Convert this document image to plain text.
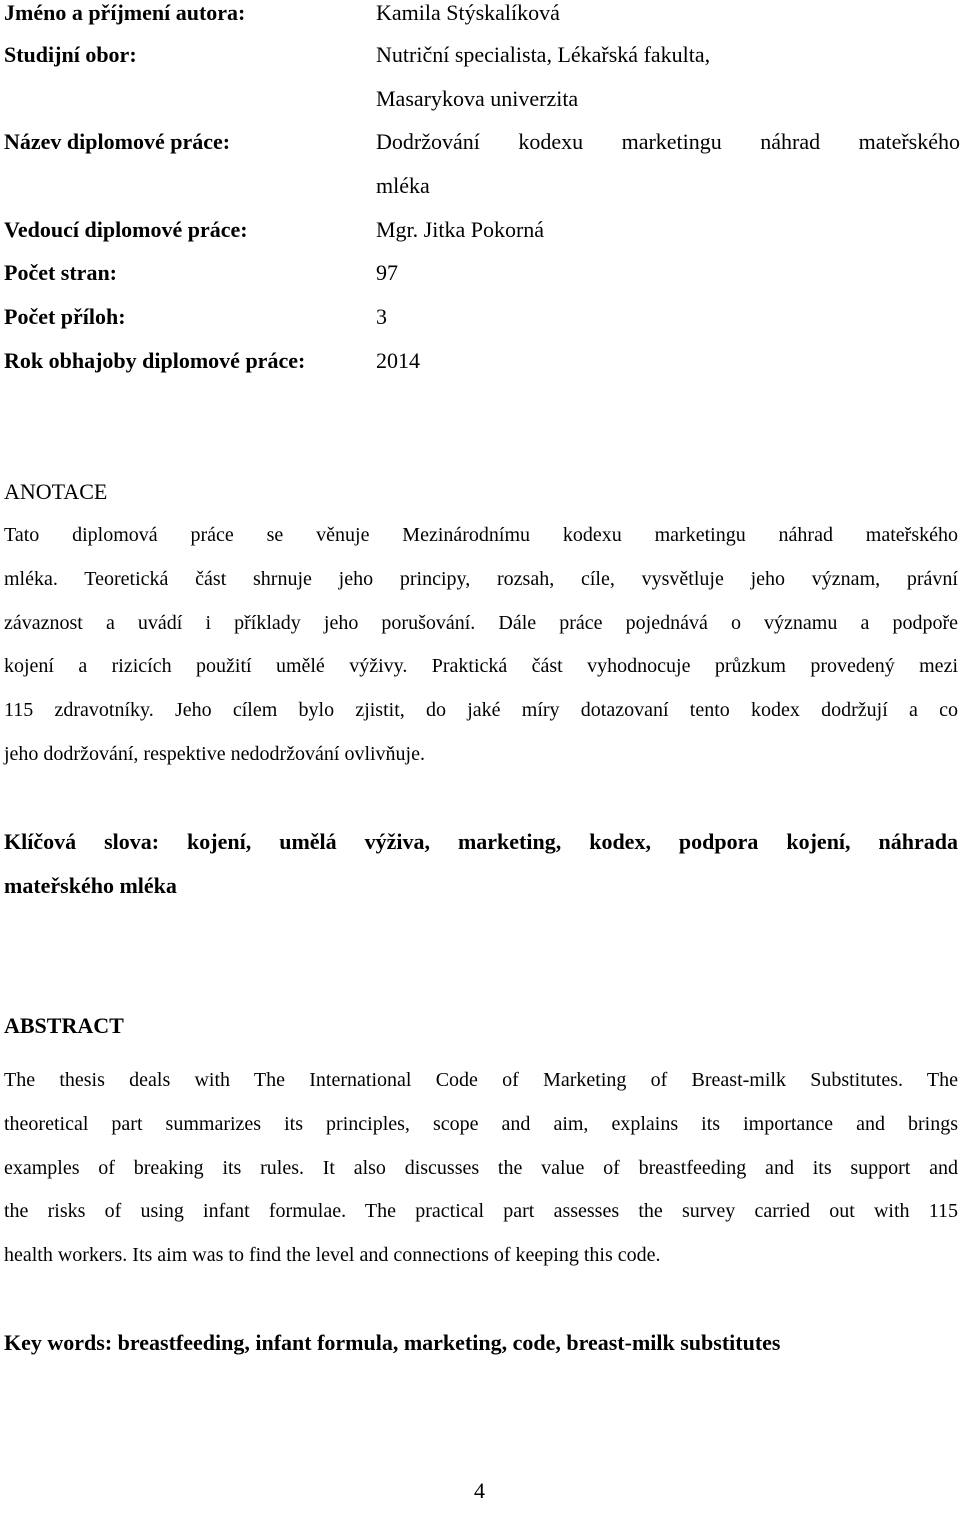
Jméno a příjmení autora:	Kamila Stýskalíková
Studijní obor:	Nutriční specialista, Lékařská fakulta,
Masarykova univerzita
Název diplomové práce:	Dodržování kodexu marketingu náhrad mateřského
mléka
Vedoucí diplomové práce:	Mgr. Jitka Pokorná
Počet stran:	97
Počet příloh:	3
Rok obhajoby diplomové práce:	2014
ANOTACE
Tato diplomová práce se věnuje Mezinárodnímu kodexu marketingu náhrad mateřského
mléka. Teoretická část shrnuje jeho principy, rozsah, cíle, vysvětluje jeho význam, právní
závaznost a uvádí i příklady jeho porušování. Dále práce pojednává o významu a podpoře
kojení a rizicích použití umělé výživy. Praktická část vyhodnocuje průzkum provedený mezi
115 zdravotníky. Jeho cílem bylo zjistit, do jaké míry dotazovaní tento kodex dodržují a co
jeho dodržování, respektive nedodržování ovlivňuje.
Klíčová slova: kojení, umělá výživa, marketing, kodex, podpora kojení, náhrada
mateřského mléka
ABSTRACT
The thesis deals with The International Code of Marketing of Breast-milk Substitutes. The
theoretical part summarizes its principles, scope and aim, explains its importance and brings
examples of breaking its rules. It also discusses the value of breastfeeding and its support and
the risks of using infant formulae. The practical part assesses the survey carried out with 115
health workers. Its aim was to find the level and connections of keeping this code.
Key words: breastfeeding, infant formula, marketing, code, breast-milk substitutes
4
